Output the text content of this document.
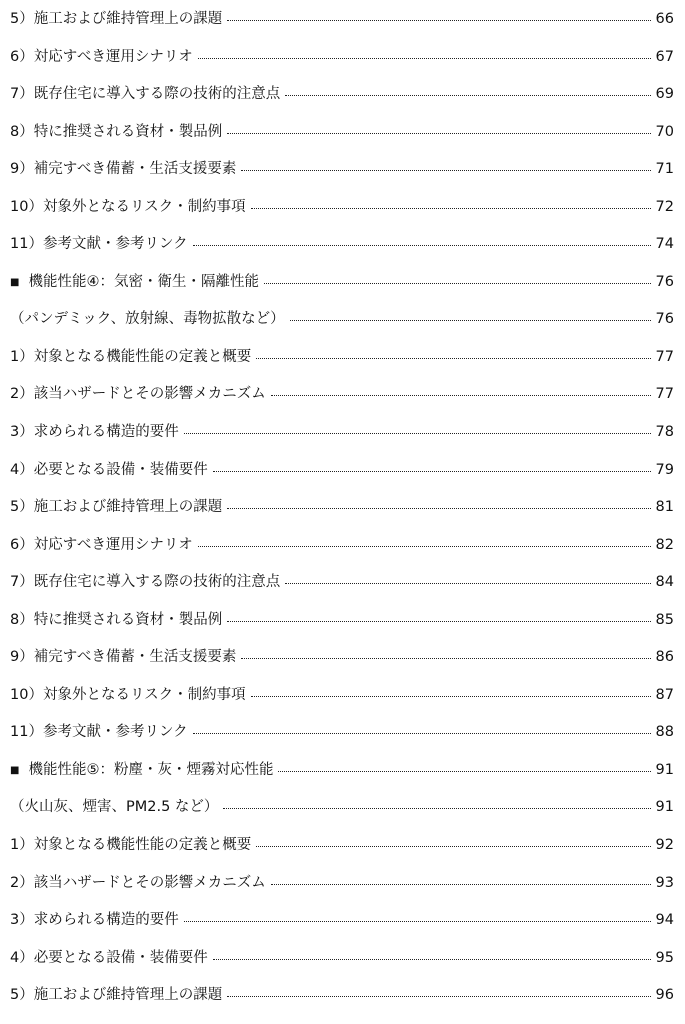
5）施工および維持管理上の課題	66
6）対応すべき運用シナリオ	67
7）既存住宅に導入する際の技術的注意点	69
8）特に推奨される資材・製品例	70
9）補完すべき備蓄・生活支援要素	71
10）対象外となるリスク・制約事項	72
11）参考文献・参考リンク	74
■ 機能性能④：気密・衛生・隔離性能	76
（パンデミック、放射線、毒物拡散など）	76
1）対象となる機能性能の定義と概要	77
2）該当ハザードとその影響メカニズム	77
3）求められる構造的要件	78
4）必要となる設備・装備要件	79
5）施工および維持管理上の課題	81
6）対応すべき運用シナリオ	82
7）既存住宅に導入する際の技術的注意点	84
8）特に推奨される資材・製品例	85
9）補完すべき備蓄・生活支援要素	86
10）対象外となるリスク・制約事項	87
11）参考文献・参考リンク	88
■ 機能性能⑤：粉塵・灰・煙霧対応性能	91
（火山灰、煙害、PM2.5 など）	91
1）対象となる機能性能の定義と概要	92
2）該当ハザードとその影響メカニズム	93
3）求められる構造的要件	94
4）必要となる設備・装備要件	95
5）施工および維持管理上の課題	96
